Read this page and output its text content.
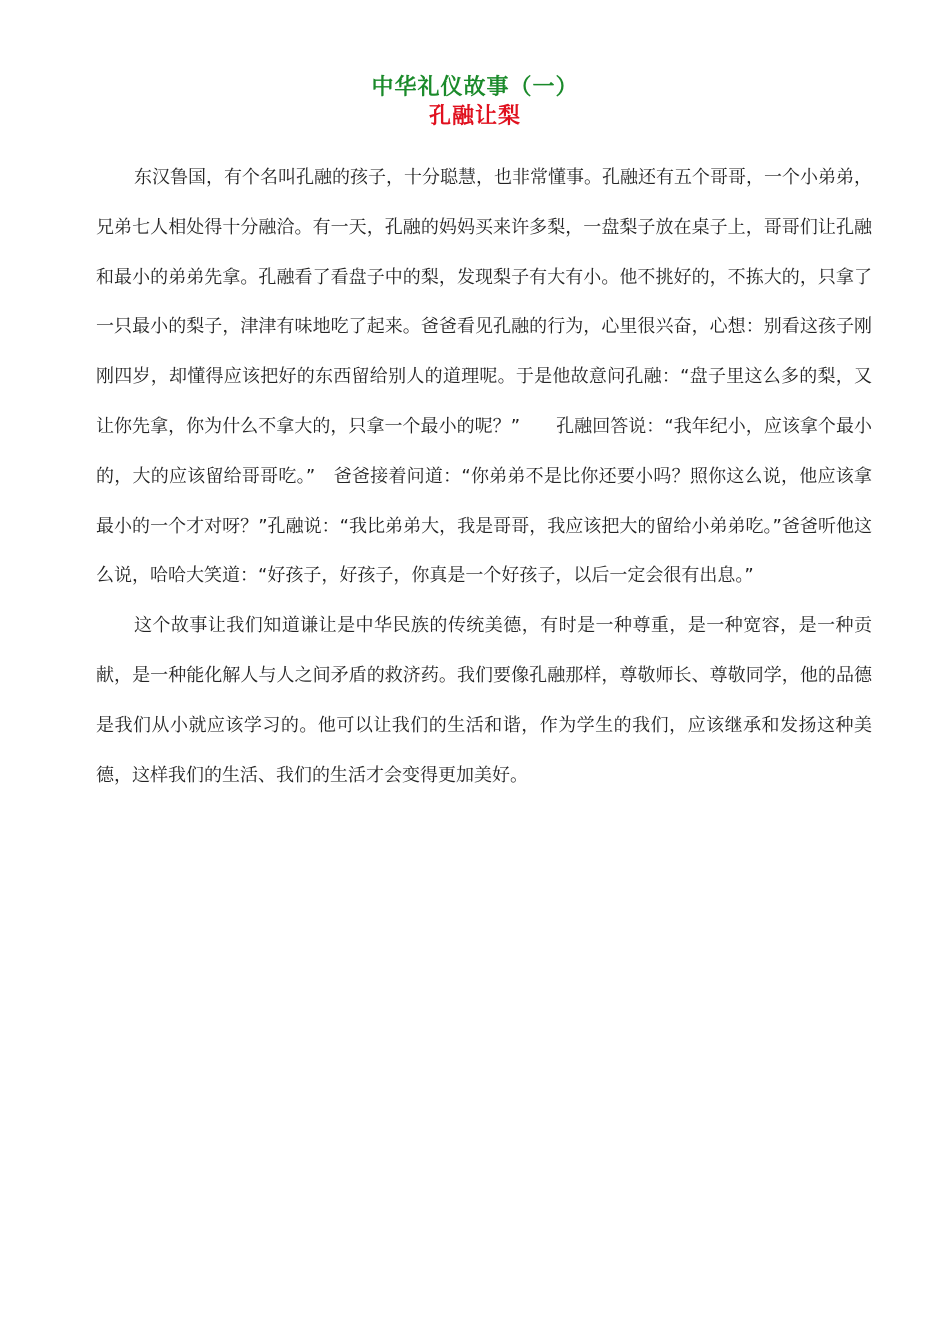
中华礼仪故事（一）
孔融让梨

东汉鲁国，有个名叫孔融的孩子，十分聪慧，也非常懂事。孔融还有五个哥哥，一个小弟弟，兄弟七人相处得十分融洽。有一天，孔融的妈妈买来许多梨，一盘梨子放在桌子上，哥哥们让孔融和最小的弟弟先拿。孔融看了看盘子中的梨，发现梨子有大有小。他不挑好的，不拣大的，只拿了一只最小的梨子，津津有味地吃了起来。爸爸看见孔融的行为，心里很兴奋，心想：别看这孩子刚刚四岁，却懂得应该把好的东西留给别人的道理呢。于是他故意问孔融：“盘子里这么多的梨，又让你先拿，你为什么不拿大的，只拿一个最小的呢？”　　孔融回答说：“我年纪小，应该拿个最小的，大的应该留给哥哥吃。”　爸爸接着问道：“你弟弟不是比你还要小吗？照你这么说，他应该拿最小的一个才对呀？”孔融说：“我比弟弟大，我是哥哥，我应该把大的留给小弟弟吃。”爸爸听他这么说，哈哈大笑道：“好孩子，好孩子，你真是一个好孩子，以后一定会很有出息。”

这个故事让我们知道谦让是中华民族的传统美德，有时是一种尊重，是一种宽容，是一种贡献，是一种能化解人与人之间矛盾的救济药。我们要像孔融那样，尊敬师长、尊敬同学，他的品德是我们从小就应该学习的。他可以让我们的生活和谐，作为学生的我们，应该继承和发扬这种美德，这样我们的生活、我们的生活才会变得更加美好。
